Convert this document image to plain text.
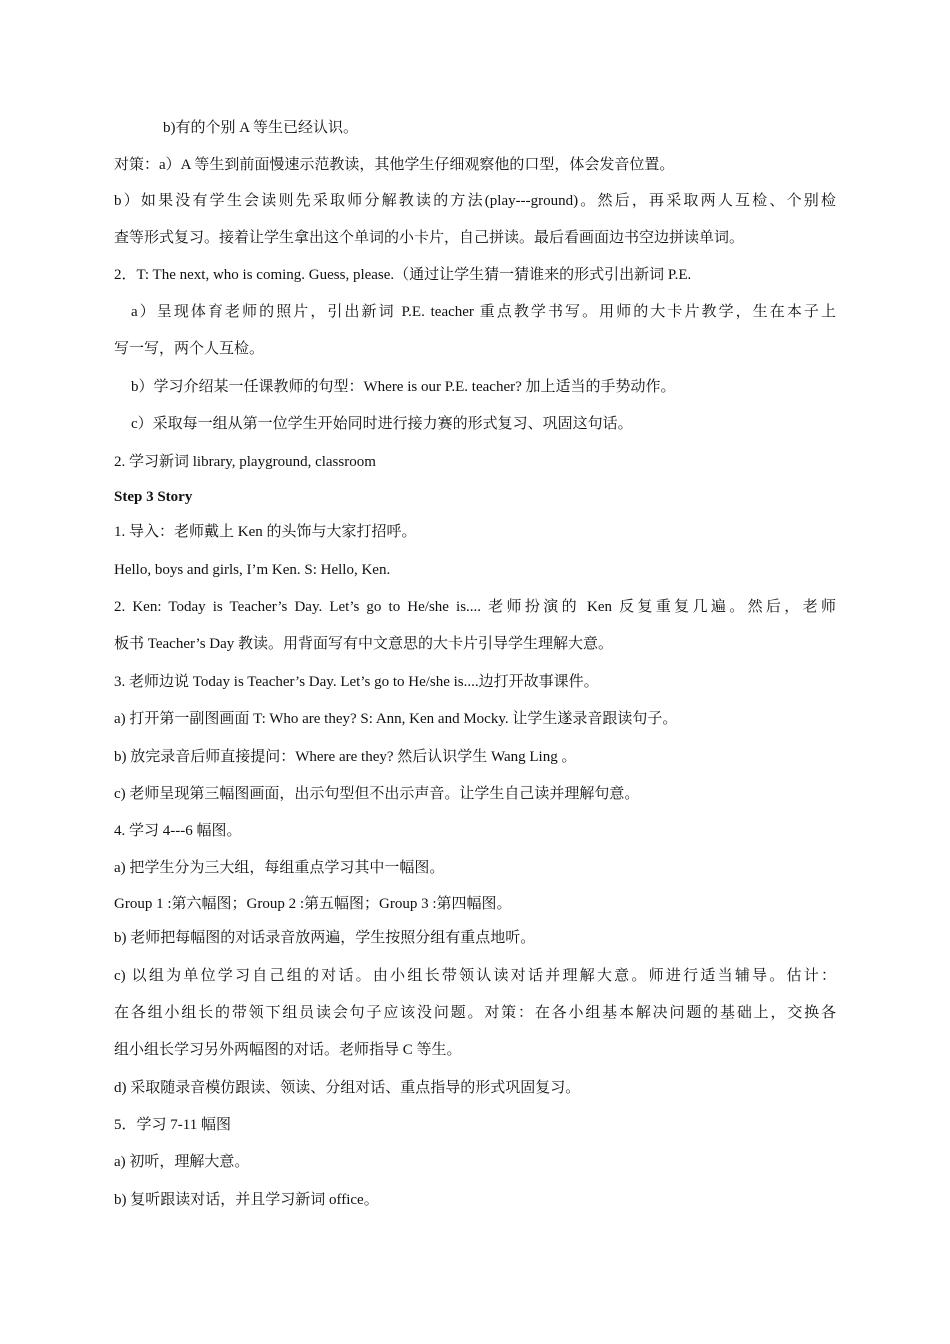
b)有的个别 A 等生已经认识。
对策：a）A 等生到前面慢速示范教读，其他学生仔细观察他的口型，体会发音位置。
b）如果没有学生会读则先采取师分解教读的方法(play---ground)。然后，再采取两人互检、个别检
查等形式复习。接着让学生拿出这个单词的小卡片，自己拼读。最后看画面边书空边拼读单词。
2．T: The next, who is coming. Guess, please.（通过让学生猜一猜谁来的形式引出新词 P.E.
a）呈现体育老师的照片，引出新词 P.E. teacher 重点教学书写。用师的大卡片教学，生在本子上
写一写，两个人互检。
b）学习介绍某一任课教师的句型：Where is our P.E. teacher? 加上适当的手势动作。
c）采取每一组从第一位学生开始同时进行接力赛的形式复习、巩固这句话。
2. 学习新词 library, playground, classroom
Step 3 Story
1. 导入：老师戴上 Ken 的头饰与大家打招呼。
Hello, boys and girls, I’m Ken. S: Hello, Ken.
2. Ken: Today is Teacher’s Day. Let’s go to He/she is.... 老师扮演的 Ken 反复重复几遍。然后，老师
板书 Teacher’s Day 教读。用背面写有中文意思的大卡片引导学生理解大意。
3. 老师边说 Today is Teacher’s Day. Let’s go to He/she is....边打开故事课件。
a) 打开第一副图画面 T: Who are they? S: Ann, Ken and Mocky. 让学生遂录音跟读句子。
b) 放完录音后师直接提问：Where are they? 然后认识学生 Wang Ling 。
c) 老师呈现第三幅图画面，出示句型但不出示声音。让学生自己读并理解句意。
4. 学习 4---6 幅图。
a) 把学生分为三大组，每组重点学习其中一幅图。
Group 1 :第六幅图；Group 2 :第五幅图；Group 3 :第四幅图。
b) 老师把每幅图的对话录音放两遍，学生按照分组有重点地听。
c) 以组为单位学习自己组的对话。由小组长带领认读对话并理解大意。师进行适当辅导。估计：
在各组小组长的带领下组员读会句子应该没问题。对策：在各小组基本解决问题的基础上，交换各
组小组长学习另外两幅图的对话。老师指导 C 等生。
d) 采取随录音模仿跟读、领读、分组对话、重点指导的形式巩固复习。
5．学习 7-11 幅图
a) 初听，理解大意。
b) 复听跟读对话，并且学习新词 office。
